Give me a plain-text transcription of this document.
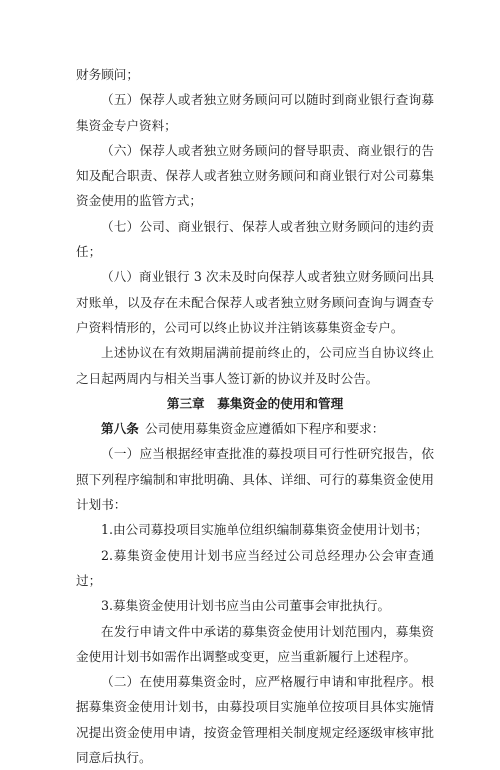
财务顾问；

（五）保荐人或者独立财务顾问可以随时到商业银行查询募集资金专户资料；

（六）保荐人或者独立财务顾问的督导职责、商业银行的告知及配合职责、保荐人或者独立财务顾问和商业银行对公司募集资金使用的监管方式；

（七）公司、商业银行、保荐人或者独立财务顾问的违约责任；

（八）商业银行 3 次未及时向保荐人或者独立财务顾问出具对账单，以及存在未配合保荐人或者独立财务顾问查询与调查专户资料情形的，公司可以终止协议并注销该募集资金专户。

上述协议在有效期届满前提前终止的，公司应当自协议终止之日起两周内与相关当事人签订新的协议并及时公告。

第三章　募集资金的使用和管理

第八条  公司使用募集资金应遵循如下程序和要求：

（一）应当根据经审查批准的募投项目可行性研究报告，依照下列程序编制和审批明确、具体、详细、可行的募集资金使用计划书：

1.由公司募投项目实施单位组织编制募集资金使用计划书；

2.募集资金使用计划书应当经过公司总经理办公会审查通过；

3.募集资金使用计划书应当由公司董事会审批执行。

在发行申请文件中承诺的募集资金使用计划范围内，募集资金使用计划书如需作出调整或变更，应当重新履行上述程序。

（二）在使用募集资金时，应严格履行申请和审批程序。根据募集资金使用计划书，由募投项目实施单位按项目具体实施情况提出资金使用申请，按资金管理相关制度规定经逐级审核审批同意后执行。
